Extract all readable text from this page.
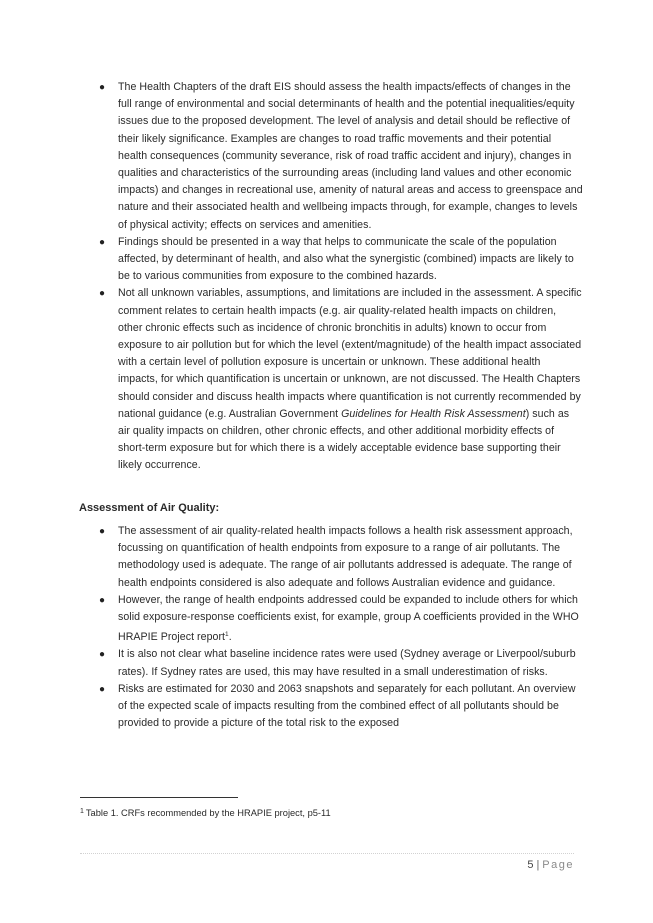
● The Health Chapters of the draft EIS should assess the health impacts/effects of changes in the full range of environmental and social determinants of health and the potential inequalities/equity issues due to the proposed development. The level of analysis and detail should be reflective of their likely significance. Examples are changes to road traffic movements and their potential health consequences (community severance, risk of road traffic accident and injury), changes in qualities and characteristics of the surrounding areas (including land values and other economic impacts) and changes in recreational use, amenity of natural areas and access to greenspace and nature and their associated health and wellbeing impacts through, for example, changes to levels of physical activity; effects on services and amenities.
● Findings should be presented in a way that helps to communicate the scale of the population affected, by determinant of health, and also what the synergistic (combined) impacts are likely to be to various communities from exposure to the combined hazards.
● Not all unknown variables, assumptions, and limitations are included in the assessment. A specific comment relates to certain health impacts (e.g. air quality-related health impacts on children, other chronic effects such as incidence of chronic bronchitis in adults) known to occur from exposure to air pollution but for which the level (extent/magnitude) of the health impact associated with a certain level of pollution exposure is uncertain or unknown. These additional health impacts, for which quantification is uncertain or unknown, are not discussed. The Health Chapters should consider and discuss health impacts where quantification is not currently recommended by national guidance (e.g. Australian Government Guidelines for Health Risk Assessment) such as air quality impacts on children, other chronic effects, and other additional morbidity effects of short-term exposure but for which there is a widely acceptable evidence base supporting their likely occurrence.
Assessment of Air Quality:
● The assessment of air quality-related health impacts follows a health risk assessment approach, focussing on quantification of health endpoints from exposure to a range of air pollutants. The methodology used is adequate. The range of air pollutants addressed is adequate. The range of health endpoints considered is also adequate and follows Australian evidence and guidance.
● However, the range of health endpoints addressed could be expanded to include others for which solid exposure-response coefficients exist, for example, group A coefficients provided in the WHO HRAPIE Project report$^1$.
● It is also not clear what baseline incidence rates were used (Sydney average or Liverpool/suburb rates). If Sydney rates are used, this may have resulted in a small underestimation of risks.
● Risks are estimated for 2030 and 2063 snapshots and separately for each pollutant. An overview of the expected scale of impacts resulting from the combined effect of all pollutants should be provided to provide a picture of the total risk to the exposed
$^1$ Table 1. CRFs recommended by the HRAPIE project, p5-11
5 | Page
